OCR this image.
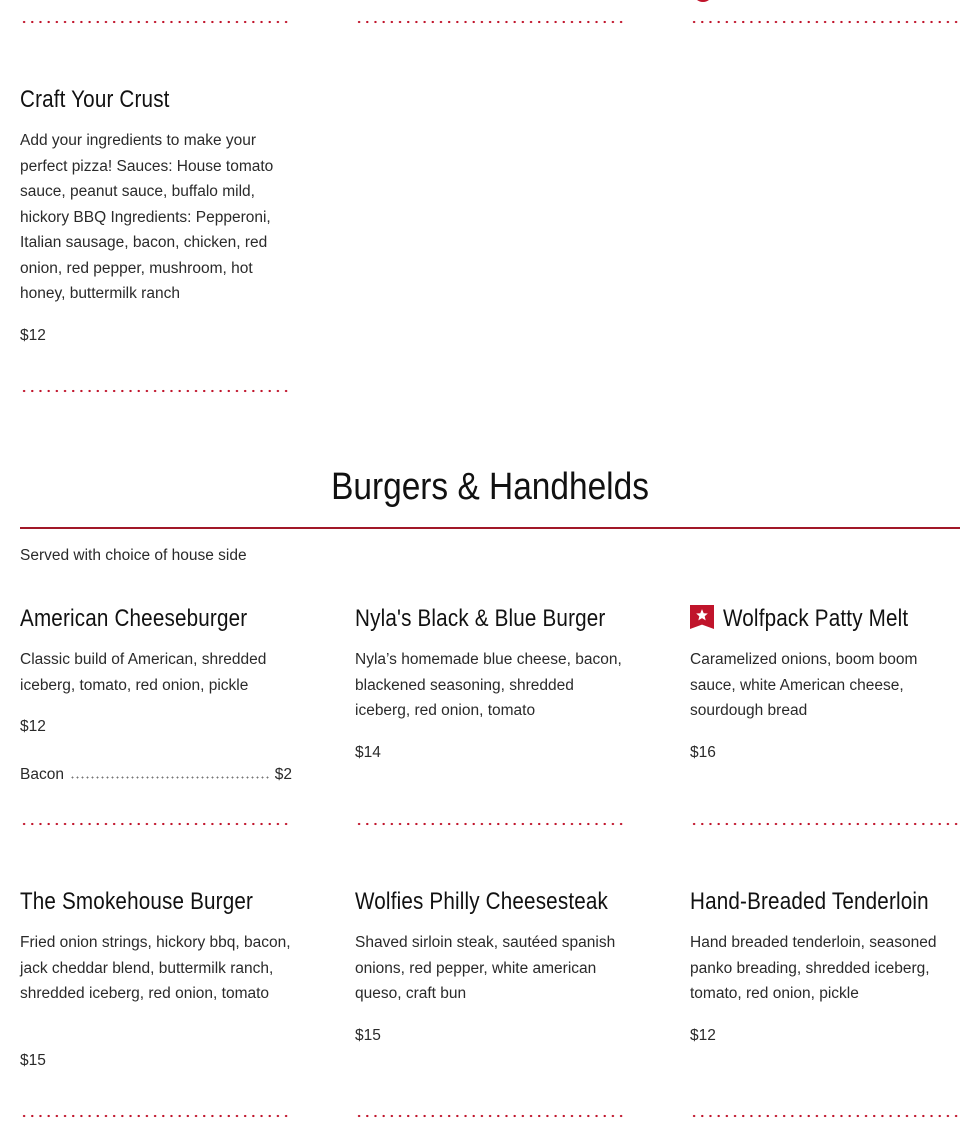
Craft Your Crust
Add your ingredients to make your perfect pizza! Sauces: House tomato sauce, peanut sauce, buffalo mild, hickory BBQ Ingredients: Pepperoni, Italian sausage, bacon, chicken, red onion, red pepper, mushroom, hot honey, buttermilk ranch
$12
Burgers & Handhelds
Served with choice of house side
American Cheeseburger
Classic build of American, shredded iceberg, tomato, red onion, pickle
$12
Bacon	$2
Nyla's Black & Blue Burger
Nyla’s homemade blue cheese, bacon, blackened seasoning, shredded iceberg, red onion, tomato
$14
Wolfpack Patty Melt
Caramelized onions, boom boom sauce, white American cheese, sourdough bread
$16
The Smokehouse Burger
Fried onion strings, hickory bbq, bacon, jack cheddar blend, buttermilk ranch, shredded iceberg, red onion, tomato
$15
Wolfies Philly Cheesesteak
Shaved sirloin steak, sautéed spanish onions, red pepper, white american queso, craft bun
$15
Hand-Breaded Tenderloin
Hand breaded tenderloin, seasoned panko breading, shredded iceberg, tomato, red onion, pickle
$12
